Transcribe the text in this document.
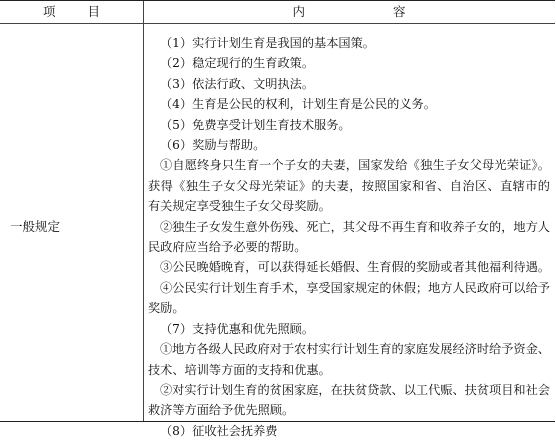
项目	内容
一般规定

（1）实行计划生育是我国的基本国策。

（2）稳定现行的生育政策。

（3）依法行政、文明执法。

（4）生育是公民的权利，计划生育是公民的义务。

（5）免费享受计划生育技术服务。

（6）奖励与帮助。

①自愿终身只生育一个子女的夫妻，国家发给《独生子女父母光荣证》。获得《独生子女父母光荣证》的夫妻，按照国家和省、自治区、直辖市的有关规定享受独生子女父母奖励。

②独生子女发生意外伤残、死亡，其父母不再生育和收养子女的，地方人民政府应当给予必要的帮助。

③公民晚婚晚育，可以获得延长婚假、生育假的奖励或者其他福利待遇。

④公民实行计划生育手术，享受国家规定的休假；地方人民政府可以给予奖励。

（7）支持优惠和优先照顾。

①地方各级人民政府对于农村实行计划生育的家庭发展经济时给予资金、技术、培训等方面的支持和优惠。

②对实行计划生育的贫困家庭，在扶贫贷款、以工代赈、扶贫项目和社会救济等方面给予优先照顾。

（8）征收社会抚养费
